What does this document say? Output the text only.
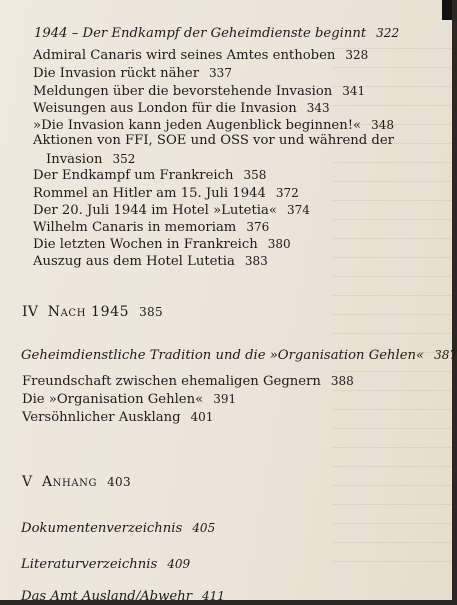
1944 – Der Endkampf der Geheimdienste beginnt 322
Admiral Canaris wird seines Amtes enthoben 328
Die Invasion rückt näher 337
Meldungen über die bevorstehende Invasion 341
Weisungen aus London für die Invasion 343
»Die Invasion kann jeden Augenblick beginnen!« 348
Aktionen von FFI, SOE und OSS vor und während der
Invasion 352
Der Endkampf um Frankreich 358
Rommel an Hitler am 15. Juli 1944 372
Der 20. Juli 1944 im Hotel »Lutetia« 374
Wilhelm Canaris in memoriam 376
Die letzten Wochen in Frankreich 380
Auszug aus dem Hotel Lutetia 383
IV Nach 1945 385
Geheimdienstliche Tradition und die »Organisation Gehlen« 387
Freundschaft zwischen ehemaligen Gegnern 388
Die »Organisation Gehlen« 391
Versöhnlicher Ausklang 401
V Anhang 403
Dokumentenverzeichnis 405
Literaturverzeichnis 409
Das Amt Ausland/Abwehr 411
